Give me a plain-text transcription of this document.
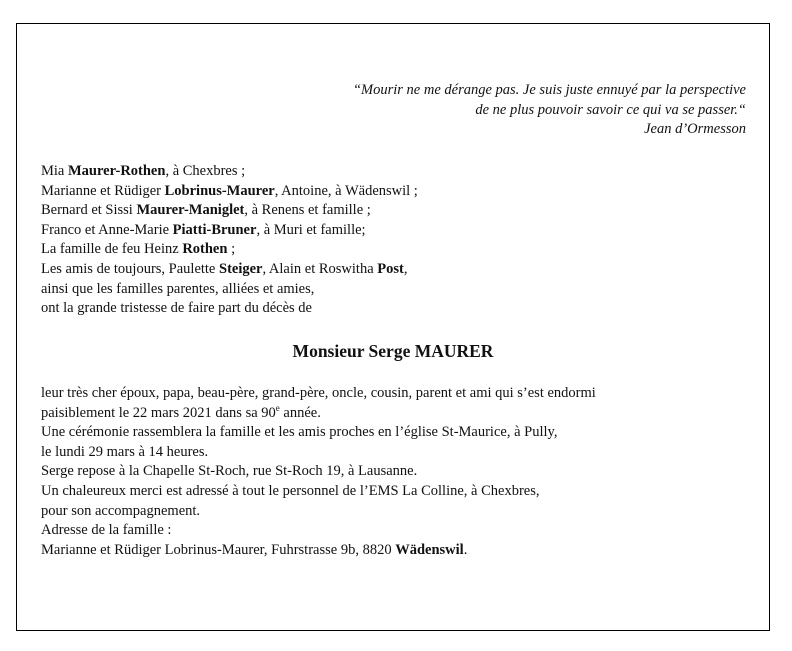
“Mourir ne me dérange pas. Je suis juste ennuyé par la perspective
de ne plus pouvoir savoir ce qui va se passer.“
Jean d’Ormesson
Mia Maurer-Rothen, à Chexbres ;
Marianne et Rüdiger Lobrinus-Maurer, Antoine, à Wädenswil ;
Bernard et Sissi Maurer-Maniglet, à Renens et famille ;
Franco et Anne-Marie Piatti-Bruner, à Muri et famille;
La famille de feu Heinz Rothen ;
Les amis de toujours, Paulette Steiger, Alain et Roswitha Post,
ainsi que les familles parentes, alliées et amies,
ont la grande tristesse de faire part du décès de
Monsieur Serge MAURER
leur très cher époux, papa, beau-père, grand-père, oncle, cousin, parent et ami qui s’est endormi
paisiblement le 22 mars 2021 dans sa 90e année.
Une cérémonie rassemblera la famille et les amis proches en l’église St-Maurice, à Pully,
le lundi 29 mars à 14 heures.
Serge repose à la Chapelle St-Roch, rue St-Roch 19, à Lausanne.
Un chaleureux merci est adressé à tout le personnel de l’EMS La Colline, à Chexbres,
pour son accompagnement.
Adresse de la famille :
Marianne et Rüdiger Lobrinus-Maurer, Fuhrstrasse 9b, 8820 Wädenswil.
